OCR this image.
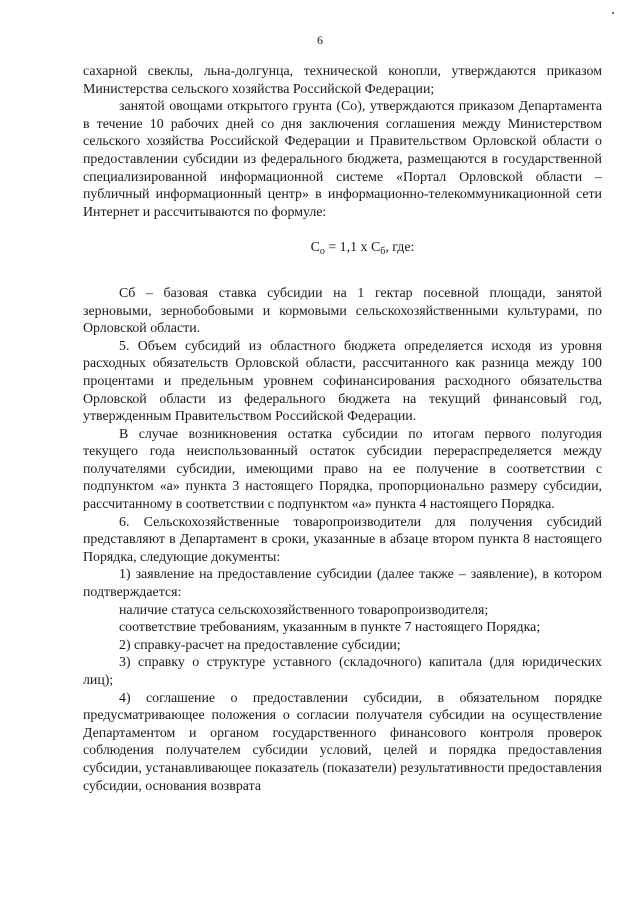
6

сахарной свеклы, льна-долгунца, технической конопли, утверждаются приказом Министерства сельского хозяйства Российской Федерации;

занятой овощами открытого грунта (Co), утверждаются приказом Департамента в течение 10 рабочих дней со дня заключения соглашения между Министерством сельского хозяйства Российской Федерации и Правительством Орловской области о предоставлении субсидии из федерального бюджета, размещаются в государственной специализированной информационной системе «Портал Орловской области – публичный информационный центр» в информационно-телекоммуникационной сети Интернет и рассчитываются по формуле:

$C_о = 1,1$ x $C_б$, где:

Cб – базовая ставка субсидии на 1 гектар посевной площади, занятой зерновыми, зернобобовыми и кормовыми сельскохозяйственными культурами, по Орловской области.

5. Объем субсидий из областного бюджета определяется исходя из уровня расходных обязательств Орловской области, рассчитанного как разница между 100 процентами и предельным уровнем софинансирования расходного обязательства Орловской области из федерального бюджета на текущий финансовый год, утвержденным Правительством Российской Федерации.

В случае возникновения остатка субсидии по итогам первого полугодия текущего года неиспользованный остаток субсидии перераспределяется между получателями субсидии, имеющими право на ее получение в соответствии с подпунктом «а» пункта 3 настоящего Порядка, пропорционально размеру субсидии, рассчитанному в соответствии с подпунктом «а» пункта 4 настоящего Порядка.

6. Сельскохозяйственные товаропроизводители для получения субсидий представляют в Департамент в сроки, указанные в абзаце втором пункта 8 настоящего Порядка, следующие документы:

1) заявление на предоставление субсидии (далее также – заявление), в котором подтверждается:

наличие статуса сельскохозяйственного товаропроизводителя;

соответствие требованиям, указанным в пункте 7 настоящего Порядка;

2) справку-расчет на предоставление субсидии;

3) справку о структуре уставного (складочного) капитала (для юридических лиц);

4) соглашение о предоставлении субсидии, в обязательном порядке предусматривающее положения о согласии получателя субсидии на осуществление Департаментом и органом государственного финансового контроля проверок соблюдения получателем субсидии условий, целей и порядка предоставления субсидии, устанавливающее показатель (показатели) результативности предоставления субсидии, основания возврата
